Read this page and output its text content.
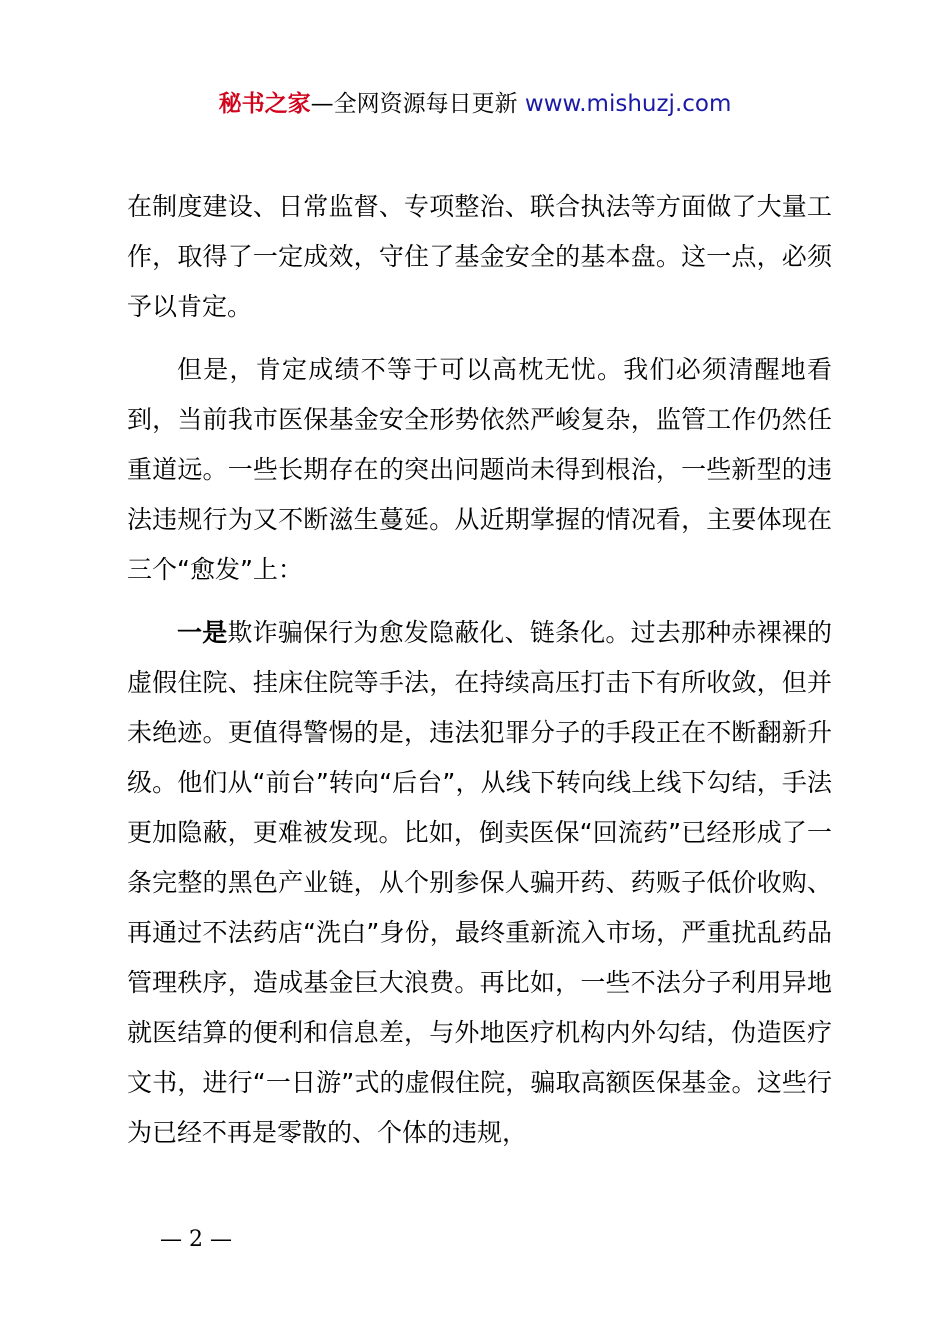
秘书之家—全网资源每日更新 www.mishuzj.com

在制度建设、日常监督、专项整治、联合执法等方面做了大量工作，取得了一定成效，守住了基金安全的基本盘。这一点，必须予以肯定。

但是，肯定成绩不等于可以高枕无忧。我们必须清醒地看到，当前我市医保基金安全形势依然严峻复杂，监管工作仍然任重道远。一些长期存在的突出问题尚未得到根治，一些新型的违法违规行为又不断滋生蔓延。从近期掌握的情况看，主要体现在三个“愈发”上：

一是欺诈骗保行为愈发隐蔽化、链条化。过去那种赤裸裸的虚假住院、挂床住院等手法，在持续高压打击下有所收敛，但并未绝迹。更值得警惕的是，违法犯罪分子的手段正在不断翻新升级。他们从“前台”转向“后台”，从线下转向线上线下勾结，手法更加隐蔽，更难被发现。比如，倒卖医保“回流药”已经形成了一条完整的黑色产业链，从个别参保人骗开药、药贩子低价收购、再通过不法药店“洗白”身份，最终重新流入市场，严重扰乱药品管理秩序，造成基金巨大浪费。再比如，一些不法分子利用异地就医结算的便利和信息差，与外地医疗机构内外勾结，伪造医疗文书，进行“一日游”式的虚假住院，骗取高额医保基金。这些行为已经不再是零散的、个体的违规，

— 2 —
